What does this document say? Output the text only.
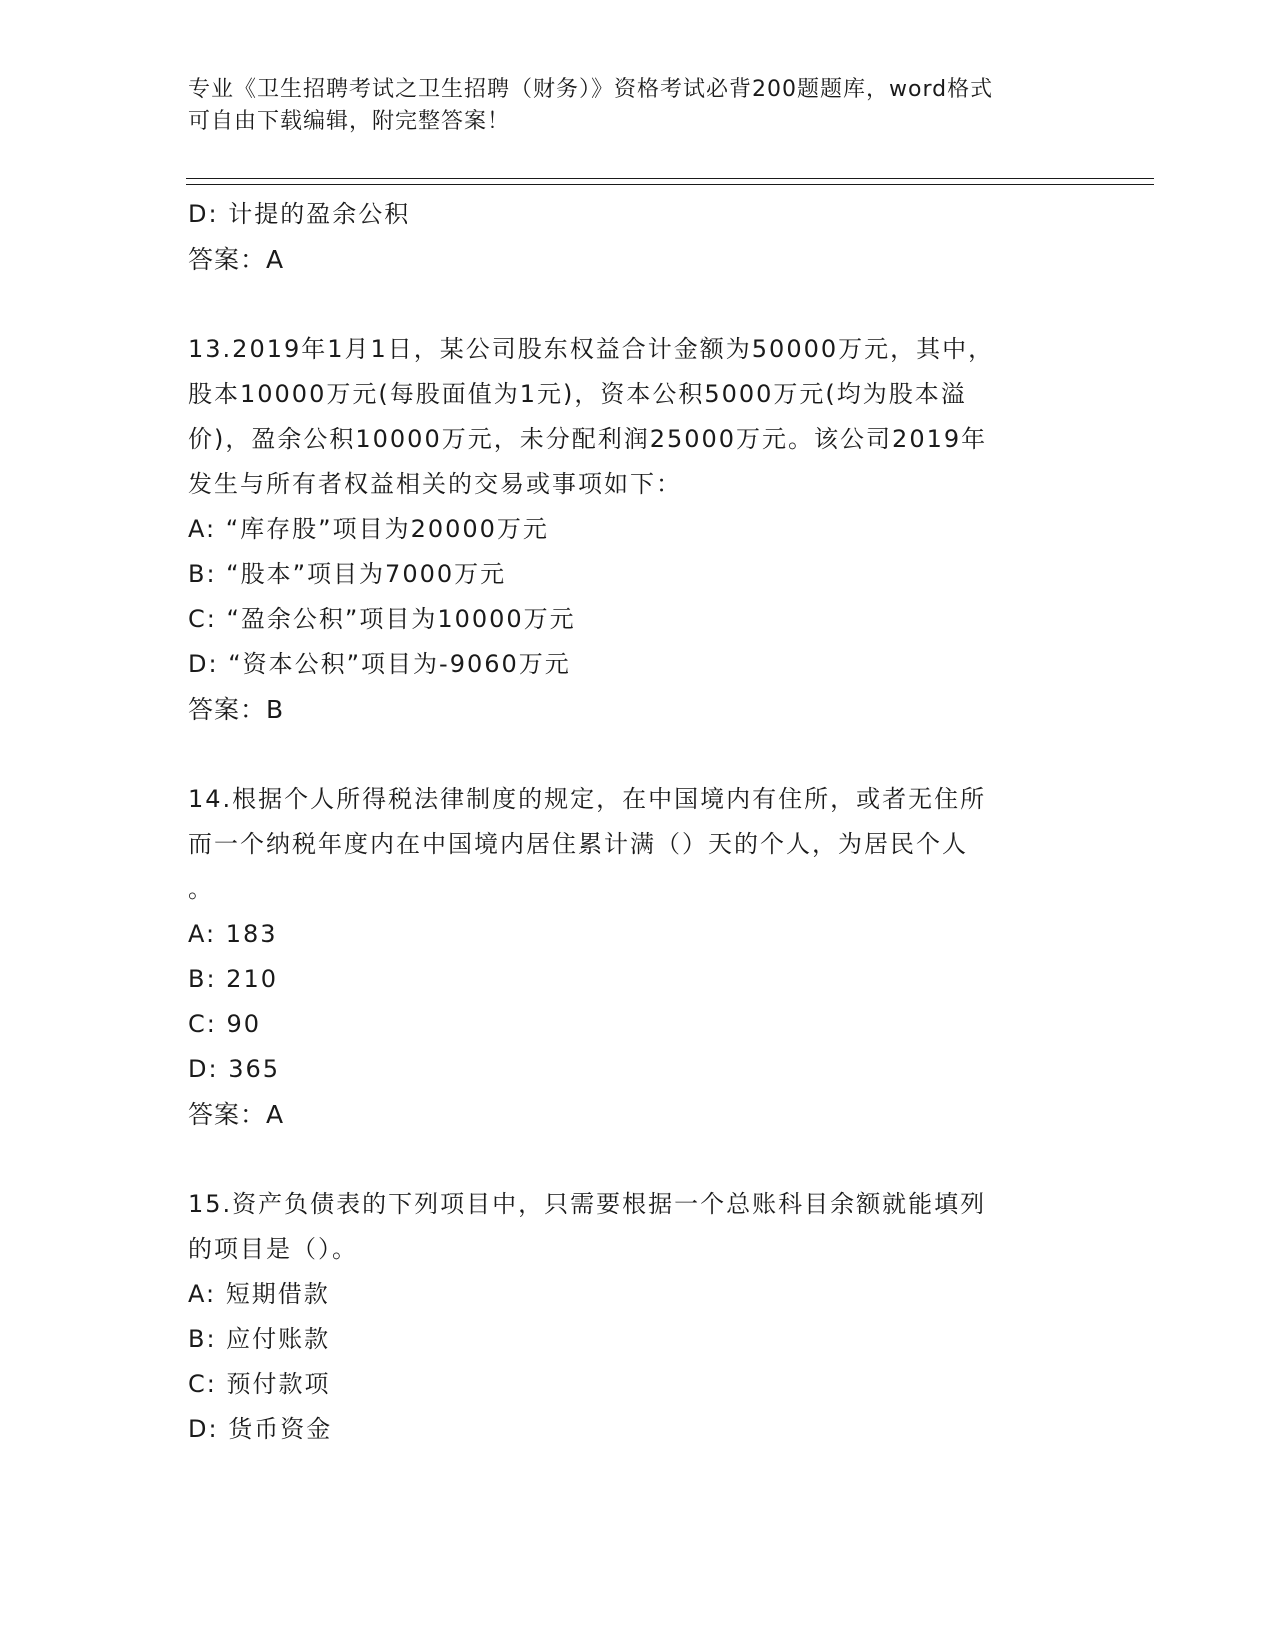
专业《卫生招聘考试之卫生招聘（财务）》资格考试必背200题题库，word格式
可自由下载编辑，附完整答案！
D: 计提的盈余公积
答案：A
13.2019年1月1日，某公司股东权益合计金额为50000万元，其中，
股本10000万元(每股面值为1元)，资本公积5000万元(均为股本溢
价)，盈余公积10000万元，未分配利润25000万元。该公司2019年
发生与所有者权益相关的交易或事项如下：
A: “库存股”项目为20000万元
B: “股本”项目为7000万元
C: “盈余公积”项目为10000万元
D: “资本公积”项目为-9060万元
答案：B
14.根据个人所得税法律制度的规定，在中国境内有住所，或者无住所
而一个纳税年度内在中国境内居住累计满（）天的个人，为居民个人
。
A: 183
B: 210
C: 90
D: 365
答案：A
15.资产负债表的下列项目中，只需要根据一个总账科目余额就能填列
的项目是（）。
A: 短期借款
B: 应付账款
C: 预付款项
D: 货币资金
